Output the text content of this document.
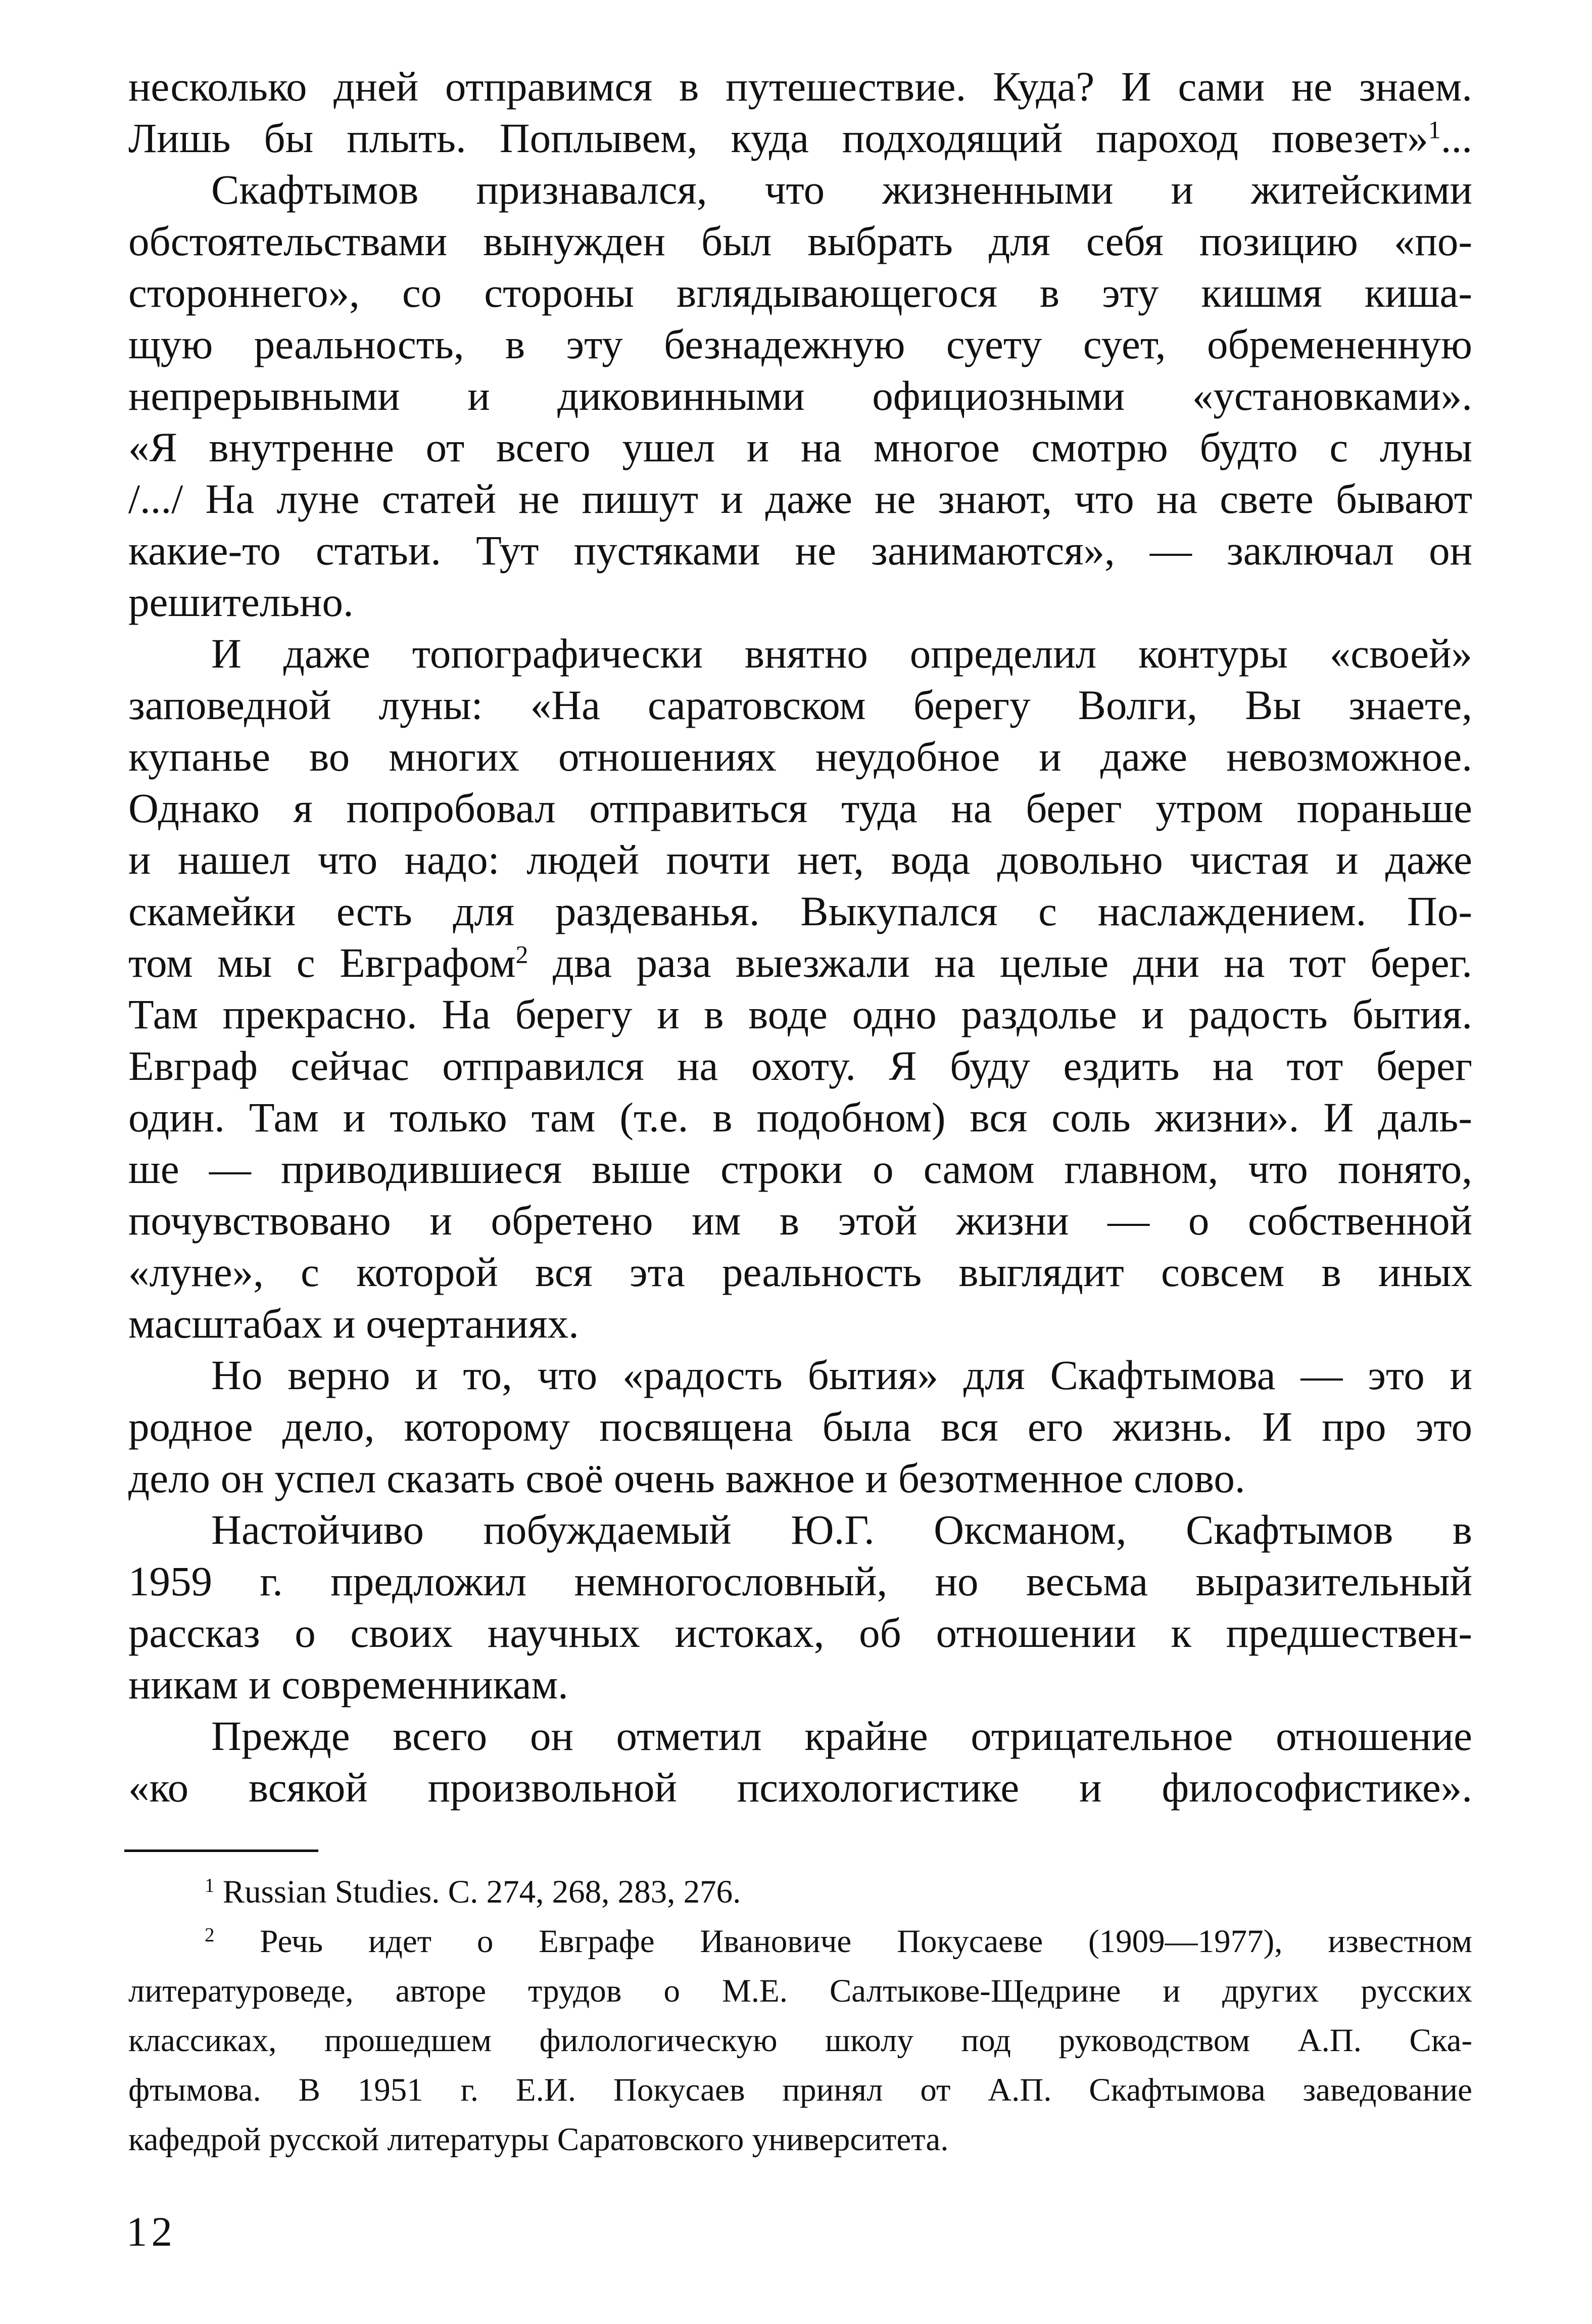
несколько дней отправимся в путешествие. Куда? И сами не знаем.
Лишь бы плыть. Поплывем, куда подходящий пароход повезет»$^1$...
Скафтымов признавался, что жизненными и житейскими
обстоятельствами вынужден был выбрать для себя позицию «по-
стороннего», со стороны вглядывающегося в эту кишмя киша-
щую реальность, в эту безнадежную суету сует, обремененную
непрерывными и диковинными официозными «установками».
«Я внутренне от всего ушел и на многое смотрю будто с луны
/.../ На луне статей не пишут и даже не знают, что на свете бывают
какие-то статьи. Тут пустяками не занимаются», — заключал он
решительно.
И даже топографически внятно определил контуры «своей»
заповедной луны: «На саратовском берегу Волги, Вы знаете,
купанье во многих отношениях неудобное и даже невозможное.
Однако я попробовал отправиться туда на берег утром пораньше
и нашел что надо: людей почти нет, вода довольно чистая и даже
скамейки есть для раздеванья. Выкупался с наслаждением. По-
том мы с Евграфом$^2$ два раза выезжали на целые дни на тот берег.
Там прекрасно. На берегу и в воде одно раздолье и радость бытия.
Евграф сейчас отправился на охоту. Я буду ездить на тот берег
один. Там и только там (т.е. в подобном) вся соль жизни». И даль-
ше — приводившиеся выше строки о самом главном, что понято,
почувствовано и обретено им в этой жизни — о собственной
«луне», с которой вся эта реальность выглядит совсем в иных
масштабах и очертаниях.
Но верно и то, что «радость бытия» для Скафтымова — это и
родное дело, которому посвящена была вся его жизнь. И про это
дело он успел сказать своё очень важное и безотменное слово.
Настойчиво побуждаемый Ю.Г. Оксманом, Скафтымов в
1959 г. предложил немногословный, но весьма выразительный
рассказ о своих научных истоках, об отношении к предшествен-
никам и современникам.
Прежде всего он отметил крайне отрицательное отношение
«ко всякой произвольной психологистике и философистике».
$^1$ Russian Studies. С. 274, 268, 283, 276.
$^2$ Речь идет о Евграфе Ивановиче Покусаеве (1909—1977), известном
литературоведе, авторе трудов о М.Е. Салтыкове-Щедрине и других русских
классиках, прошедшем филологическую школу под руководством А.П. Ска-
фтымова. В 1951 г. Е.И. Покусаев принял от А.П. Скафтымова заведование
кафедрой русской литературы Саратовского университета.
12
